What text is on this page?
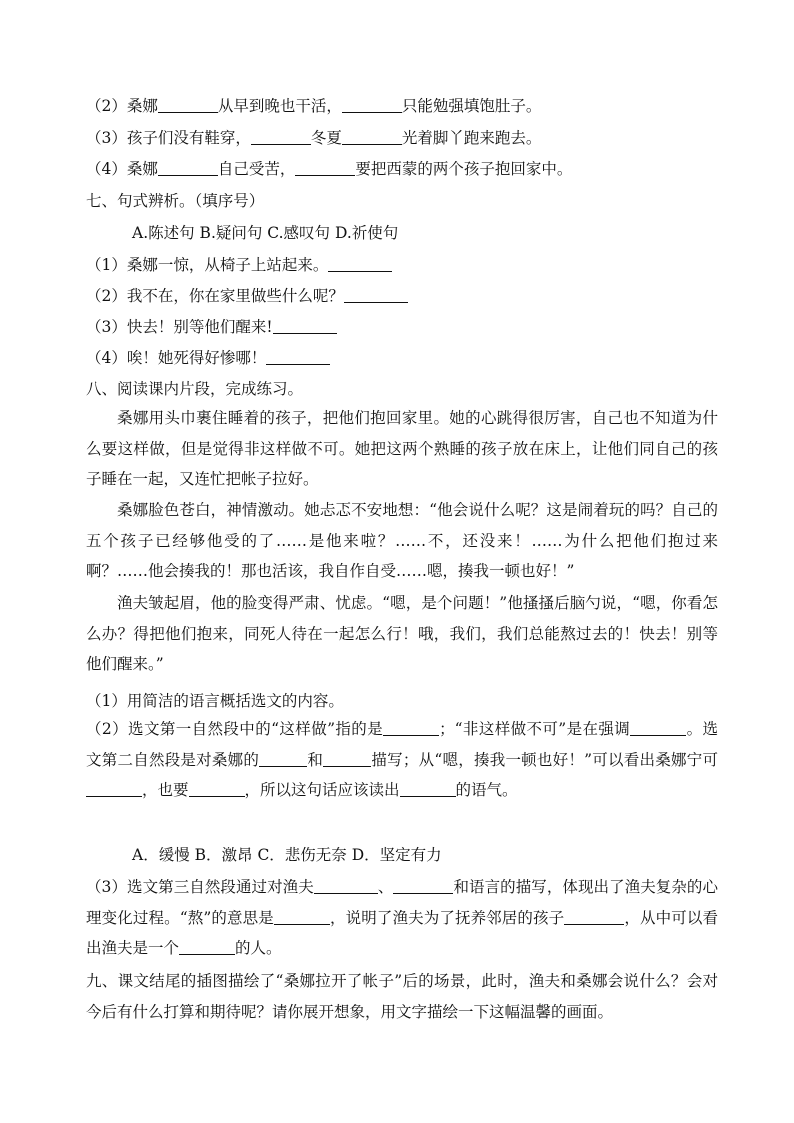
（2）桑娜	从早到晚也干活，	只能勉强填饱肚子。
（3）孩子们没有鞋穿，	冬夏	光着脚丫跑来跑去。
（4）桑娜	自己受苦，	要把西蒙的两个孩子抱回家中。
七、句式辨析。（填序号）
A.陈述句 B.疑问句 C.感叹句 D.祈使句
（1）桑娜一惊，从椅子上站起来。
（2）我不在，你在家里做些什么呢？
（3）快去！别等他们醒来!
（4）唉！她死得好惨哪！
八、阅读课内片段，完成练习。
桑娜用头巾裹住睡着的孩子，把他们抱回家里。她的心跳得很厉害，自己也不知道为什么要这样做，但是觉得非这样做不可。她把这两个熟睡的孩子放在床上，让他们同自己的孩子睡在一起，又连忙把帐子拉好。
桑娜脸色苍白，神情激动。她忐忑不安地想：“他会说什么呢？这是闹着玩的吗？自己的五个孩子已经够他受的了……是他来啦？……不，还没来！……为什么把他们抱过来啊？……他会揍我的！那也活该，我自作自受……嗯，揍我一顿也好！”
渔夫皱起眉，他的脸变得严肃、忧虑。“嗯，是个问题！”他搔搔后脑勺说，“嗯，你看怎么办？得把他们抱来，同死人待在一起怎么行！哦，我们，我们总能熬过去的！快去！别等他们醒来。”
（1）用简洁的语言概括选文的内容。
（2）选文第一自然段中的“这样做”指的是	；“非这样做不可”是在强调	。选文第二自然段是对桑娜的	和	描写；从“嗯，揍我一顿也好！”可以看出桑娜宁可，也要	，所以这句话应该读出	的语气。
A．缓慢 B．激昂 C．悲伤无奈 D．坚定有力
（3）选文第三自然段通过对渔夫	、	和语言的描写，体现出了渔夫复杂的心理变化过程。“熬”的意思是	，说明了渔夫为了抚养邻居的孩子	，从中可以看出渔夫是一个	的人。
九、课文结尾的插图描绘了“桑娜拉开了帐子”后的场景，此时，渔夫和桑娜会说什么？会对今后有什么打算和期待呢？请你展开想象，用文字描绘一下这幅温馨的画面。
